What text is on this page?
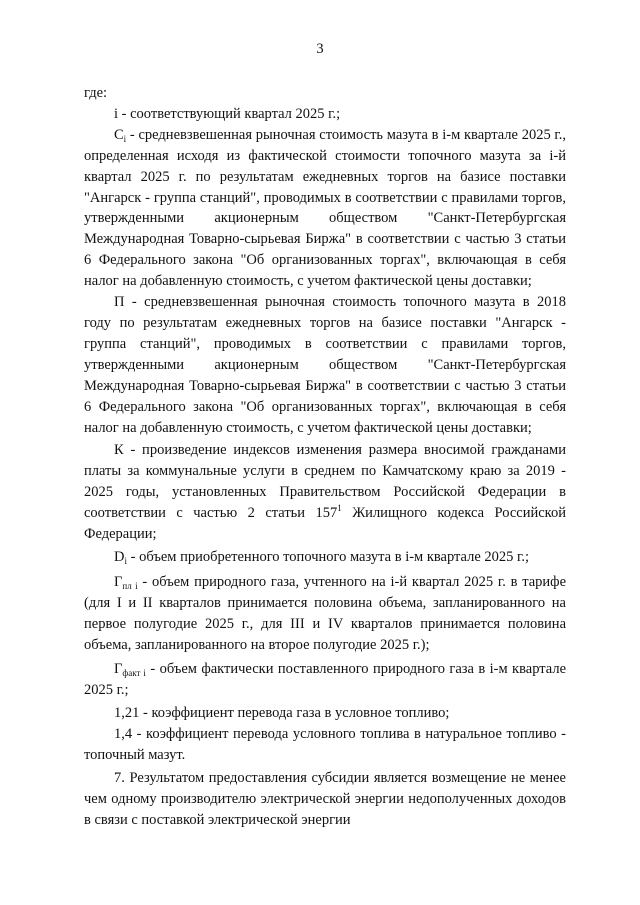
3

где:

i - соответствующий квартал 2025 г.;

$C_i$ - средневзвешенная рыночная стоимость мазута в i-м квартале 2025 г., определенная исходя из фактической стоимости топочного мазута за i-й квартал 2025 г. по результатам ежедневных торгов на базисе поставки "Ангарск - группа станций", проводимых в соответствии с правилами торгов, утвержденными акционерным обществом "Санкт-Петербургская Международная Товарно-сырьевая Биржа" в соответствии с частью 3 статьи 6 Федерального закона "Об организованных торгах", включающая в себя налог на добавленную стоимость, с учетом фактической цены доставки;

П - средневзвешенная рыночная стоимость топочного мазута в 2018 году по результатам ежедневных торгов на базисе поставки "Ангарск - группа станций", проводимых в соответствии с правилами торгов, утвержденными акционерным обществом "Санкт-Петербургская Международная Товарно-сырьевая Биржа" в соответствии с частью 3 статьи 6 Федерального закона "Об организованных торгах", включающая в себя налог на добавленную стоимость, с учетом фактической цены доставки;

К - произведение индексов изменения размера вносимой гражданами платы за коммунальные услуги в среднем по Камчатскому краю за 2019 - 2025 годы, установленных Правительством Российской Федерации в соответствии с частью 2 статьи $157^1$ Жилищного кодекса Российской Федерации;

$D_i$ - объем приобретенного топочного мазута в i-м квартале 2025 г.;

$Г_{пл i}$ - объем природного газа, учтенного на i-й квартал 2025 г. в тарифе (для I и II кварталов принимается половина объема, запланированного на первое полугодие 2025 г., для III и IV кварталов принимается половина объема, запланированного на второе полугодие 2025 г.);

$Г_{факт i}$ - объем фактически поставленного природного газа в i-м квартале 2025 г.;

1,21 - коэффициент перевода газа в условное топливо;

1,4 - коэффициент перевода условного топлива в натуральное топливо - топочный мазут.

7. Результатом предоставления субсидии является возмещение не менее чем одному производителю электрической энергии недополученных доходов в связи с поставкой электрической энергии
